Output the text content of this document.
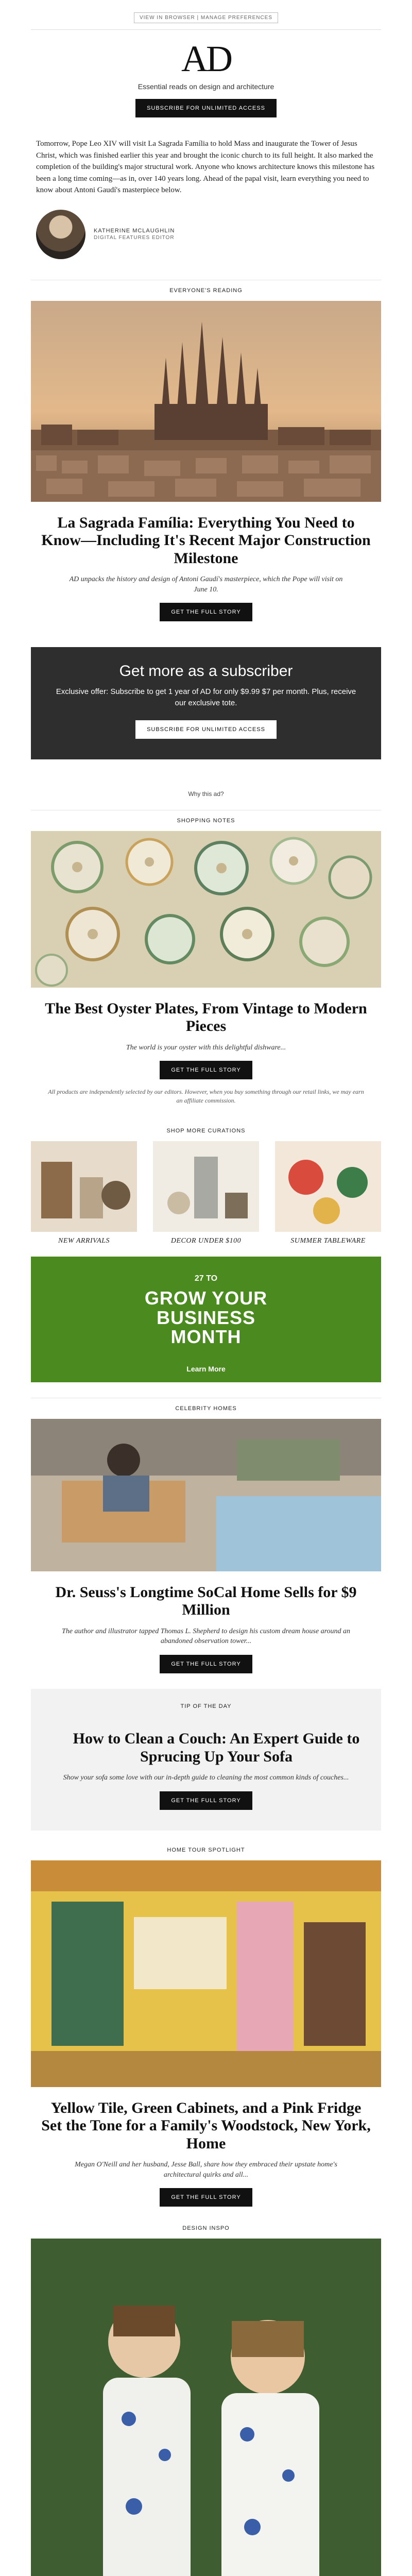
VIEW IN BROWSER | MANAGE PREFERENCES
AD
Essential reads on design and architecture
SUBSCRIBE FOR UNLIMITED ACCESS

Tomorrow, Pope Leo XIV will visit La Sagrada Família to hold Mass and inaugurate the Tower of Jesus Christ, which was finished earlier this year and brought the iconic church to its full height. It also marked the completion of the building's major structural work. Anyone who knows architecture knows this milestone has been a long time coming—as in, over 140 years long. Ahead of the papal visit, learn everything you need to know about Antoni Gaudí's masterpiece below.

KATHERINE MCLAUGHLIN
DIGITAL FEATURES EDITOR
EVERYONE'S READING
La Sagrada Família: Everything You Need to Know—Including It's Recent Major Construction Milestone

AD unpacks the history and design of Antoni Gaudí's masterpiece, which the Pope will visit on June 10.

GET THE FULL STORY
Get more as a subscriber

Exclusive offer: Subscribe to get 1 year of AD for only $9.99 $7 per month. Plus, receive our exclusive tote.

SUBSCRIBE FOR UNLIMITED ACCESS
Why this ad?
SHOPPING NOTES
The Best Oyster Plates, From Vintage to Modern Pieces

The world is your oyster with this delightful dishware...

GET THE FULL STORY

All products are independently selected by our editors. However, when you buy something through our retail links, we may earn an affiliate commission.

SHOP MORE CURATIONS
NEW ARRIVALS	DECOR UNDER $100	SUMMER TABLEWARE
27 TO
GROW YOUR BUSINESS MONTH
Learn More
CELEBRITY HOMES
Dr. Seuss's Longtime SoCal Home Sells for $9 Million

The author and illustrator tapped Thomas L. Shepherd to design his custom dream house around an abandoned observation tower...

GET THE FULL STORY
TIP OF THE DAY
How to Clean a Couch: An Expert Guide to Sprucing Up Your Sofa

Show your sofa some love with our in-depth guide to cleaning the most common kinds of couches...

GET THE FULL STORY
HOME TOUR SPOTLIGHT
Yellow Tile, Green Cabinets, and a Pink Fridge Set the Tone for a Family's Woodstock, New York, Home

Megan O'Neill and her husband, Jesse Ball, share how they embraced their upstate home's architectural quirks and all...

GET THE FULL STORY
DESIGN INSPO
